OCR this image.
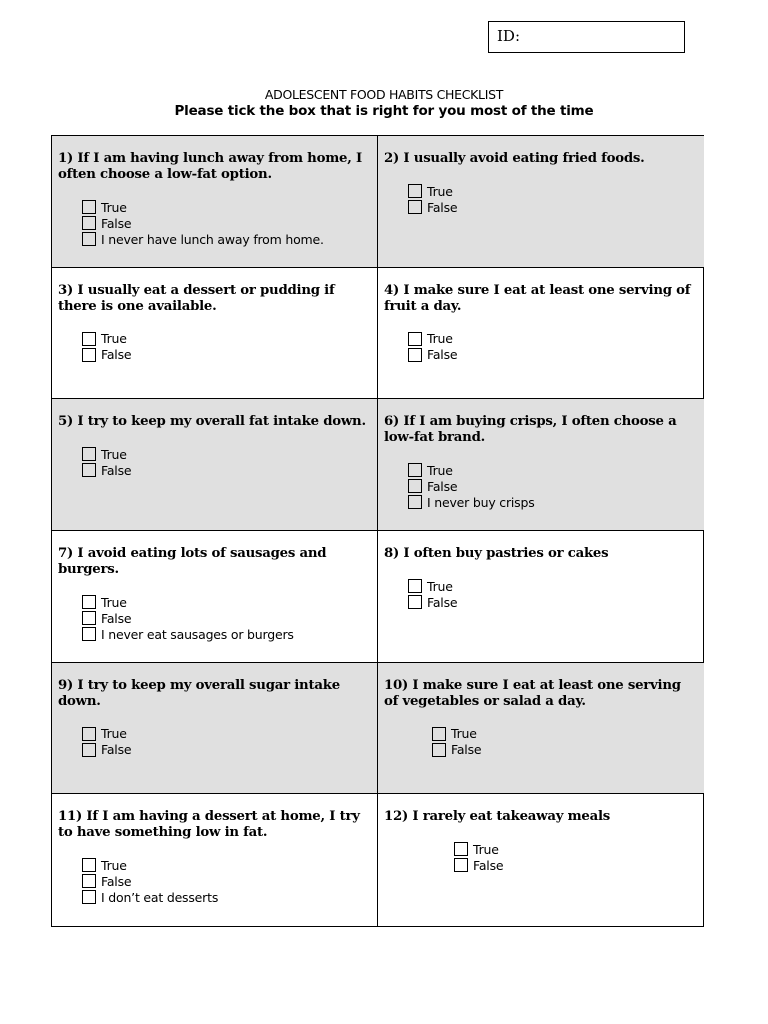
ID:
ADOLESCENT FOOD HABITS CHECKLIST
Please tick the box that is right for you most of the time
1) If I am having lunch away from home, I often choose a low-fat option.
True
False
I never have lunch away from home.
2) I usually avoid eating fried foods.
True
False
3) I usually eat a dessert or pudding if there is one available.
True
False
4) I make sure I eat at least one serving of fruit a day.
True
False
5) I try to keep my overall fat intake down.
True
False
6) If I am buying crisps, I often choose a low-fat brand.
True
False
I never buy crisps
7) I avoid eating lots of sausages and burgers.
True
False
I never eat sausages or burgers
8) I often buy pastries or cakes
True
False
9) I try to keep my overall sugar intake down.
True
False
10) I make sure I eat at least one serving of vegetables or salad a day.
True
False
11) If I am having a dessert at home, I try to have something low in fat.
True
False
I don’t eat desserts
12) I rarely eat takeaway meals
True
False
